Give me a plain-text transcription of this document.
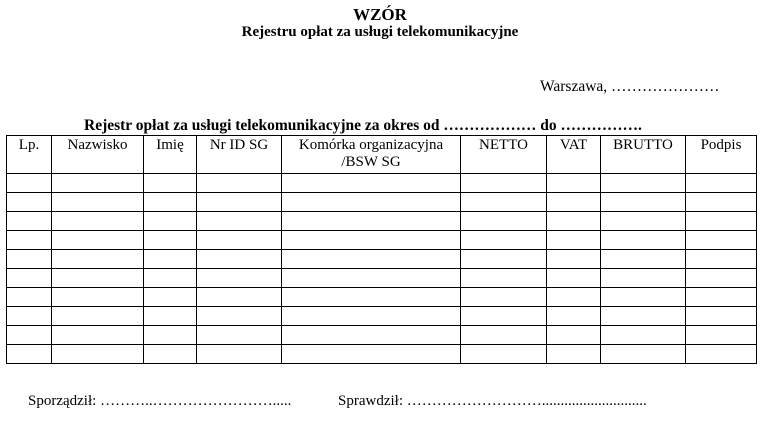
WZÓR
Rejestru opłat za usługi telekomunikacyjne
Warszawa, …………………
Rejestr opłat za usługi telekomunikacyjne za okres od ……………… do …………….
Lp.	Nazwisko	Imię	Nr ID SG	Komórka organizacyjna /BSW SG	NETTO	VAT	BRUTTO	Podpis

Sporządził: ………..…………………….....	Sprawdził: ………………………............................
